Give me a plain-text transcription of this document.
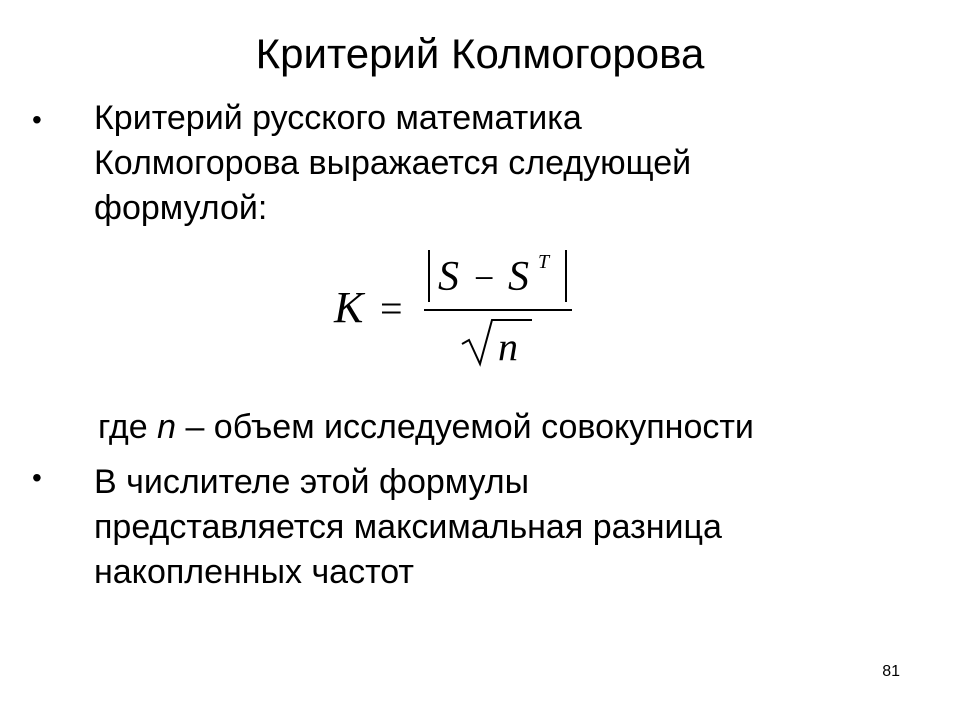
Критерий Колмогорова
• Критерий русского математика
Колмогорова выражается следующей
формулой:
K =
S − S T
n
где n – объем исследуемой совокупности
• В числителе этой формулы
представляется максимальная разница
накопленных частот
81
